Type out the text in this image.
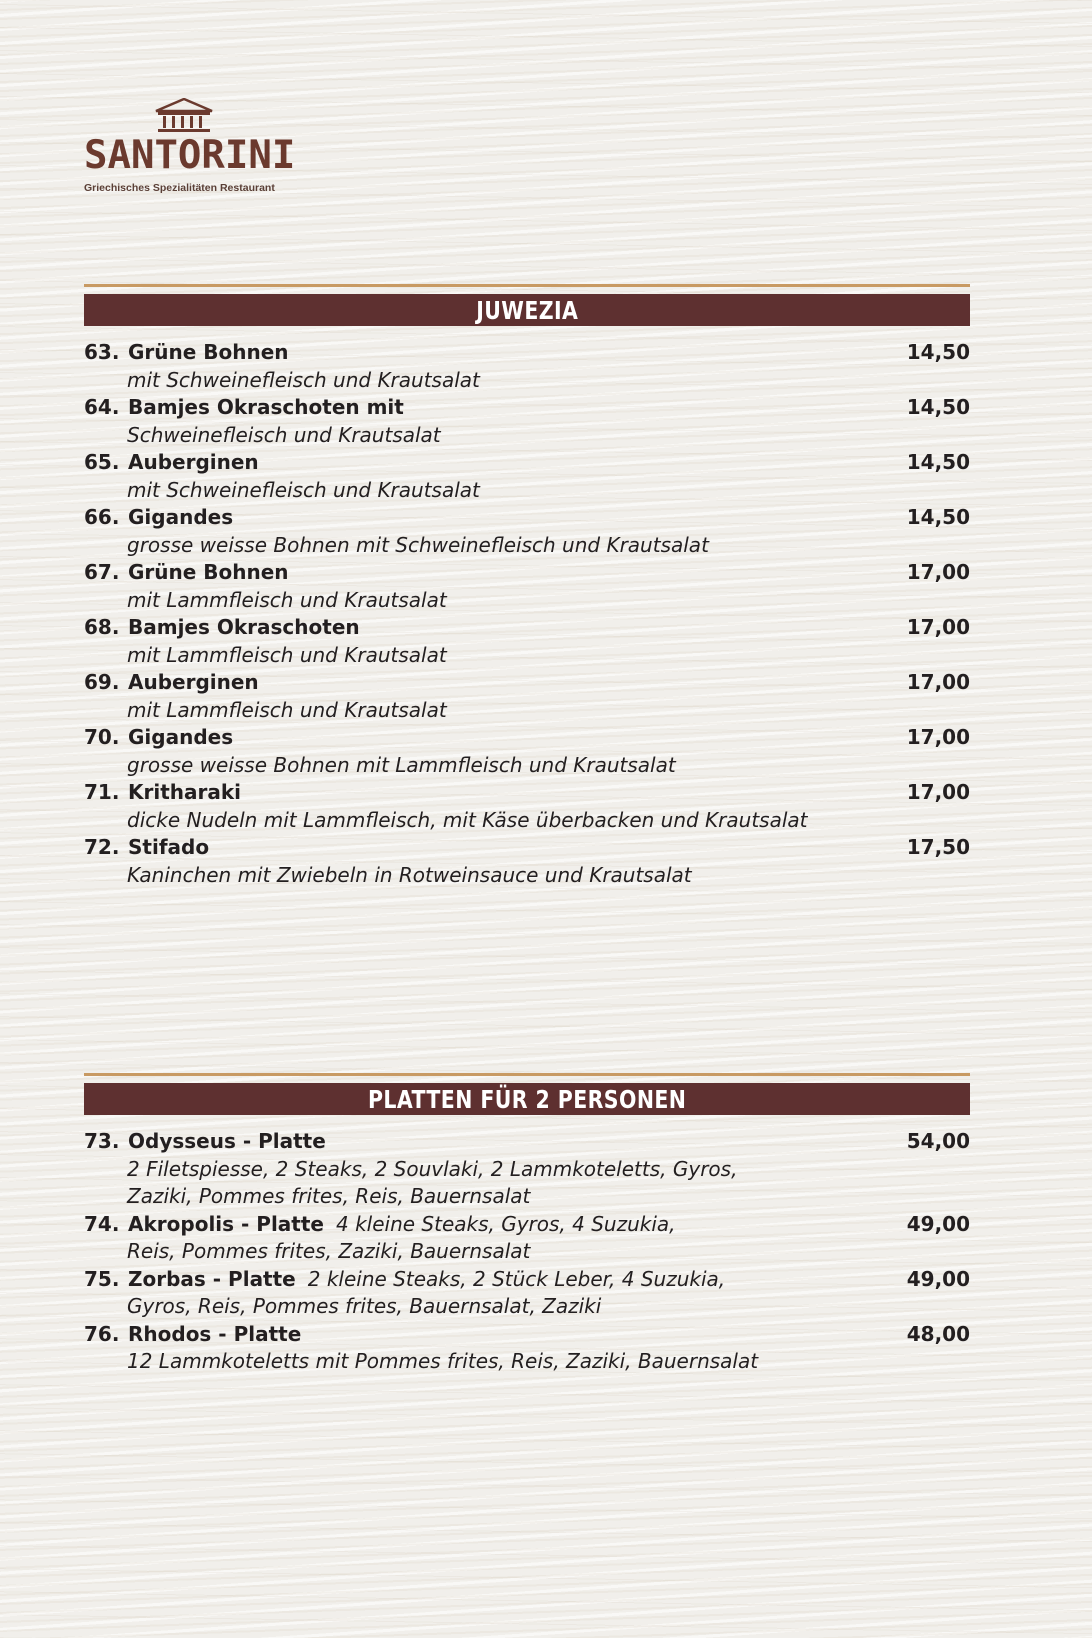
SANTORINI
Griechisches Spezialitäten Restaurant
JUWEZIA
63. Grüne Bohnen	14,50
mit Schweinefleisch und Krautsalat
64. Bamjes Okraschoten mit	14,50
Schweinefleisch und Krautsalat
65. Auberginen	14,50
mit Schweinefleisch und Krautsalat
66. Gigandes	14,50
grosse weisse Bohnen mit Schweinefleisch und Krautsalat
67. Grüne Bohnen	17,00
mit Lammfleisch und Krautsalat
68. Bamjes Okraschoten	17,00
mit Lammfleisch und Krautsalat
69. Auberginen	17,00
mit Lammfleisch und Krautsalat
70. Gigandes	17,00
grosse weisse Bohnen mit Lammfleisch und Krautsalat
71. Kritharaki	17,00
dicke Nudeln mit Lammfleisch, mit Käse überbacken und Krautsalat
72. Stifado	17,50
Kaninchen mit Zwiebeln in Rotweinsauce und Krautsalat
PLATTEN FÜR 2 PERSONEN
73. Odysseus - Platte	54,00
2 Filetspiesse, 2 Steaks, 2 Souvlaki, 2 Lammkoteletts, Gyros,
Zaziki, Pommes frites, Reis, Bauernsalat
74. Akropolis - Platte 4 kleine Steaks, Gyros, 4 Suzukia,	49,00
Reis, Pommes frites, Zaziki, Bauernsalat
75. Zorbas - Platte 2 kleine Steaks, 2 Stück Leber, 4 Suzukia,	49,00
Gyros, Reis, Pommes frites, Bauernsalat, Zaziki
76. Rhodos - Platte	48,00
12 Lammkoteletts mit Pommes frites, Reis, Zaziki, Bauernsalat
